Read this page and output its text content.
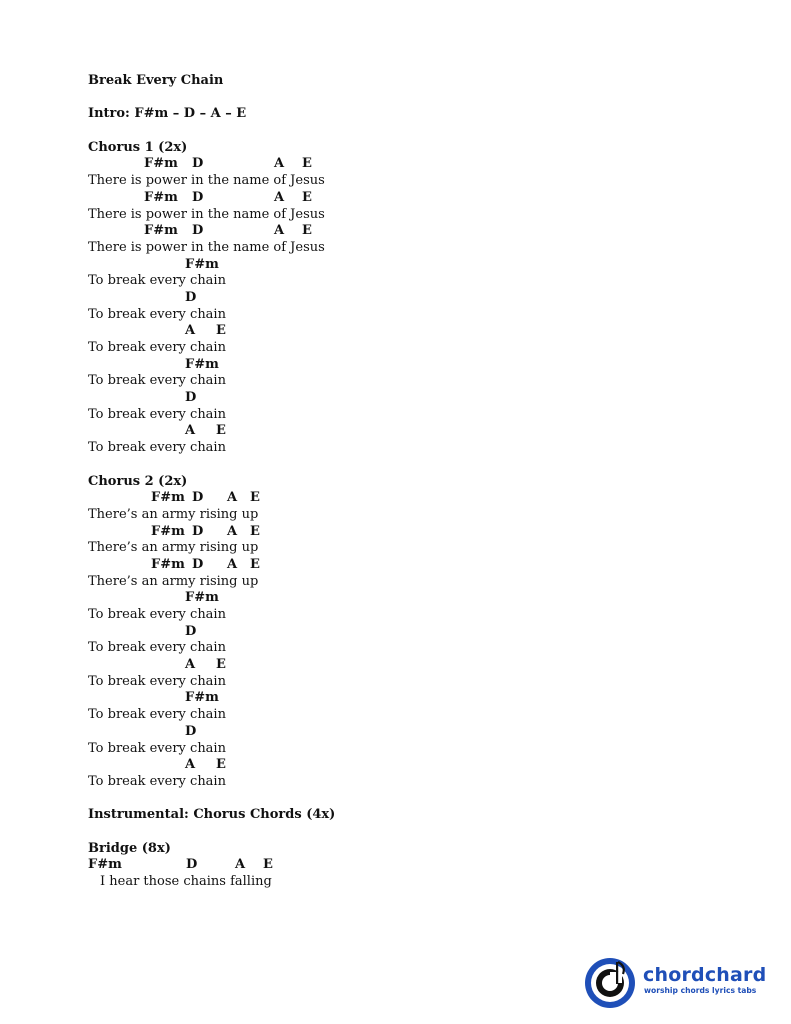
Break Every Chain
Intro: F#m – D – A – E
Chorus 1 (2x)

F#m

D

	A

E

There is power in the name of Jesus

F#m

D

	A

E

There is power in the name of Jesus

F#m

D

	A

E

There is power in the name of Jesus

F#m

To break every chain

D

To break every chain

A

E

To break every chain

F#m

To break every chain

D

To break every chain

A

E

To break every chain
Chorus 2 (2x)

F#m

D

A

E

There’s an army rising up

F#m

D

A

E

There’s an army rising up

F#m

D

A

E

There’s an army rising up

F#m

To break every chain

D

To break every chain

A

E

To break every chain

F#m

To break every chain

D

To break every chain

A

E

To break every chain
Instrumental: Chorus Chords (4x)
Bridge (8x)

F#m

	D

	A

E

I hear those chains falling
chordchard
worship chords lyrics tabs
